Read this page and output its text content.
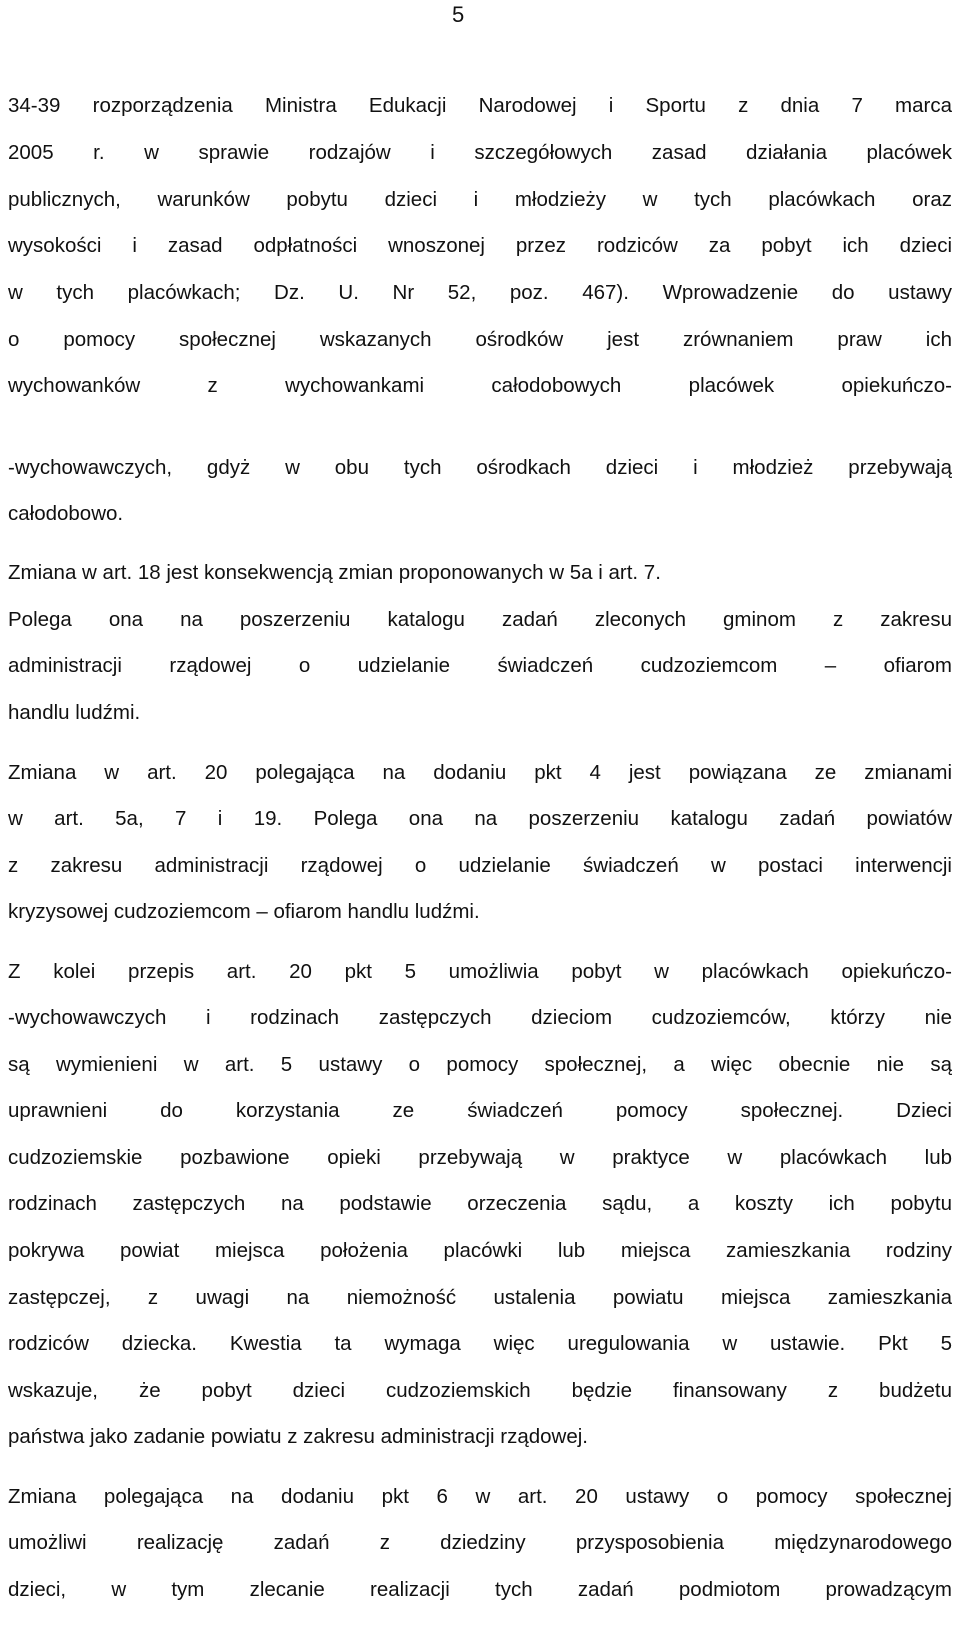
5
34-39 rozporządzenia Ministra Edukacji Narodowej i Sportu z dnia 7 marca
2005 r. w sprawie rodzajów i szczegółowych zasad działania placówek
publicznych, warunków pobytu dzieci i młodzieży w tych placówkach oraz
wysokości i zasad odpłatności wnoszonej przez rodziców za pobyt ich dzieci
w tych placówkach; Dz. U. Nr 52, poz. 467). Wprowadzenie do ustawy
o pomocy społecznej wskazanych ośrodków jest zrównaniem praw ich
wychowanków z wychowankami całodobowych placówek opiekuńczo-
-wychowawczych, gdyż w obu tych ośrodkach dzieci i młodzież przebywają
całodobowo.
Zmiana w art. 18 jest konsekwencją zmian proponowanych w 5a i art. 7.
Polega ona na poszerzeniu katalogu zadań zleconych gminom z zakresu
administracji rządowej o udzielanie świadczeń cudzoziemcom – ofiarom
handlu ludźmi.
Zmiana w art. 20 polegająca na dodaniu pkt 4 jest powiązana ze zmianami
w art. 5a, 7 i 19. Polega ona na poszerzeniu katalogu zadań powiatów
z zakresu administracji rządowej o udzielanie świadczeń w postaci interwencji
kryzysowej cudzoziemcom – ofiarom handlu ludźmi.
Z kolei przepis art. 20 pkt 5 umożliwia pobyt w placówkach opiekuńczo-
-wychowawczych i rodzinach zastępczych dzieciom cudzoziemców, którzy nie
są wymienieni w art. 5 ustawy o pomocy społecznej, a więc obecnie nie są
uprawnieni do korzystania ze świadczeń pomocy społecznej. Dzieci
cudzoziemskie pozbawione opieki przebywają w praktyce w placówkach lub
rodzinach zastępczych na podstawie orzeczenia sądu, a koszty ich pobytu
pokrywa powiat miejsca położenia placówki lub miejsca zamieszkania rodziny
zastępczej, z uwagi na niemożność ustalenia powiatu miejsca zamieszkania
rodziców dziecka. Kwestia ta wymaga więc uregulowania w ustawie. Pkt 5
wskazuje, że pobyt dzieci cudzoziemskich będzie finansowany z budżetu
państwa jako zadanie powiatu z zakresu administracji rządowej.
Zmiana polegająca na dodaniu pkt 6 w art. 20 ustawy o pomocy społecznej
umożliwi realizację zadań z dziedziny przysposobienia międzynarodowego
dzieci, w tym zlecanie realizacji tych zadań podmiotom prowadzącym
